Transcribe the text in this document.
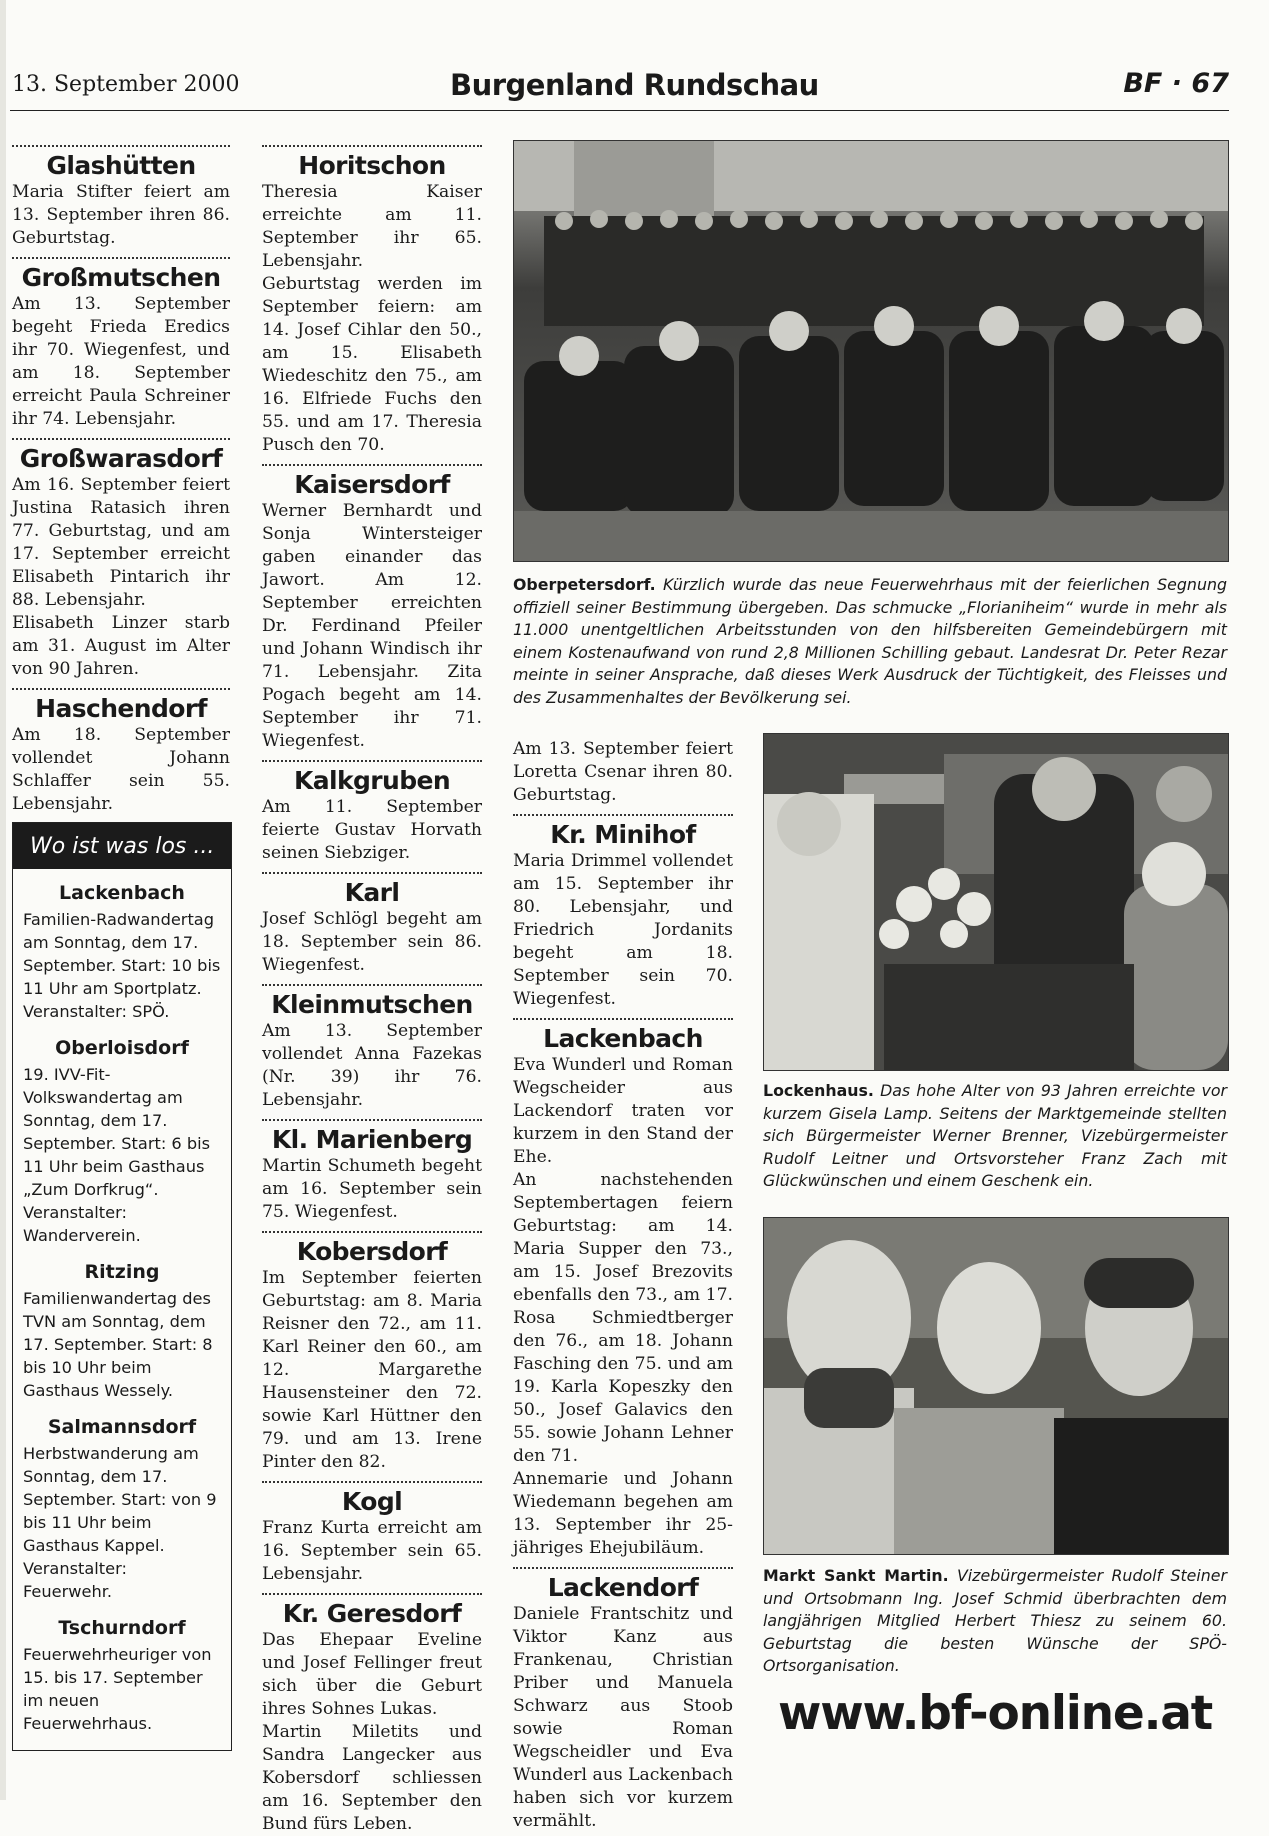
13. September 2000	Burgenland Rundschau	BF · 67
Glashütten

Maria Stifter feiert am 13. September ihren 86. Geburtstag.

Großmutschen

Am 13. September begeht Frieda Eredics ihr 70. Wiegenfest, und am 18. September erreicht Paula Schreiner ihr 74. Lebensjahr.

Großwarasdorf

Am 16. September feiert Justina Ratasich ihren 77. Geburtstag, und am 17. September erreicht Elisabeth Pintarich ihr 88. Lebensjahr.

Elisabeth Linzer starb am 31. August im Alter von 90 Jahren.

Haschendorf

Am 18. September vollendet Johann Schlaffer sein 55. Lebensjahr.

Wo ist was los ...
Lackenbach

Familien-Radwandertag am Sonntag, dem 17. September. Start: 10 bis 11 Uhr am Sportplatz. Veranstalter: SPÖ.

Oberloisdorf

19. IVV-Fit-Volkswandertag am Sonntag, dem 17. September. Start: 6 bis 11 Uhr beim Gasthaus „Zum Dorfkrug“. Veranstalter: Wanderverein.

Ritzing

Familienwandertag des TVN am Sonntag, dem 17. September. Start: 8 bis 10 Uhr beim Gasthaus Wessely.

Salmannsdorf

Herbstwanderung am Sonntag, dem 17. September. Start: von 9 bis 11 Uhr beim Gasthaus Kappel. Veranstalter: Feuerwehr.

Tschurndorf

Feuerwehrheuriger von 15. bis 17. September im neuen Feuerwehrhaus.

Horitschon

Theresia Kaiser erreichte am 11. September ihr 65. Lebensjahr.

Geburtstag werden im September feiern: am 14. Josef Cihlar den 50., am 15. Elisabeth Wiedeschitz den 75., am 16. Elfriede Fuchs den 55. und am 17. Theresia Pusch den 70.

Kaisersdorf

Werner Bernhardt und Sonja Wintersteiger gaben einander das Jawort. Am 12. September erreichten Dr. Ferdinand Pfeiler und Johann Windisch ihr 71. Lebensjahr. Zita Pogach begeht am 14. September ihr 71. Wiegenfest.

Kalkgruben

Am 11. September feierte Gustav Horvath seinen Siebziger.

Karl

Josef Schlögl begeht am 18. September sein 86. Wiegenfest.

Kleinmutschen

Am 13. September vollendet Anna Fazekas (Nr. 39) ihr 76. Lebensjahr.

Kl. Marienberg

Martin Schumeth begeht am 16. September sein 75. Wiegenfest.

Kobersdorf

Im September feierten Geburtstag: am 8. Maria Reisner den 72., am 11. Karl Reiner den 60., am 12. Margarethe Hausensteiner den 72. sowie Karl Hüttner den 79. und am 13. Irene Pinter den 82.

Kogl

Franz Kurta erreicht am 16. September sein 65. Lebensjahr.

Kr. Geresdorf

Das Ehepaar Eveline und Josef Fellinger freut sich über die Geburt ihres Sohnes Lukas.

Martin Miletits und Sandra Langecker aus Kobersdorf schliessen am 16. September den Bund fürs Leben.

Oberpetersdorf. Kürzlich wurde das neue Feuerwehrhaus mit der feierlichen Segnung offiziell seiner Bestimmung übergeben. Das schmucke „Florianiheim“ wurde in mehr als 11.000 unentgeltlichen Arbeitsstunden von den hilfsbereiten Gemeindebürgern mit einem Kostenaufwand von rund 2,8 Millionen Schilling gebaut. Landesrat Dr. Peter Rezar meinte in seiner Ansprache, daß dieses Werk Ausdruck der Tüchtigkeit, des Fleisses und des Zusammenhaltes der Bevölkerung sei.

Am 13. September feiert Loretta Csenar ihren 80. Geburtstag.

Kr. Minihof

Maria Drimmel vollendet am 15. September ihr 80. Lebensjahr, und Friedrich Jordanits begeht am 18. September sein 70. Wiegenfest.

Lackenbach

Eva Wunderl und Roman Wegscheider aus Lackendorf traten vor kurzem in den Stand der Ehe.

An nachstehenden Septembertagen feiern Geburtstag: am 14. Maria Supper den 73., am 15. Josef Brezovits ebenfalls den 73., am 17. Rosa Schmiedtberger den 76., am 18. Johann Fasching den 75. und am 19. Karla Kopeszky den 50., Josef Galavics den 55. sowie Johann Lehner den 71.

Annemarie und Johann Wiedemann begehen am 13. September ihr 25-jähriges Ehejubiläum.

Lackendorf

Daniele Frantschitz und Viktor Kanz aus Frankenau, Christian Priber und Manuela Schwarz aus Stoob sowie Roman Wegscheidler und Eva Wunderl aus Lackenbach haben sich vor kurzem vermählt.

Lockenhaus. Das hohe Alter von 93 Jahren erreichte vor kurzem Gisela Lamp. Seitens der Marktgemeinde stellten sich Bürgermeister Werner Brenner, Vizebürgermeister Rudolf Leitner und Ortsvorsteher Franz Zach mit Glückwünschen und einem Geschenk ein.
Markt Sankt Martin. Vizebürgermeister Rudolf Steiner und Ortsobmann Ing. Josef Schmid überbrachten dem langjährigen Mitglied Herbert Thiesz zu seinem 60. Geburtstag die besten Wünsche der SPÖ-Ortsorganisation.
www.bf-online.at
